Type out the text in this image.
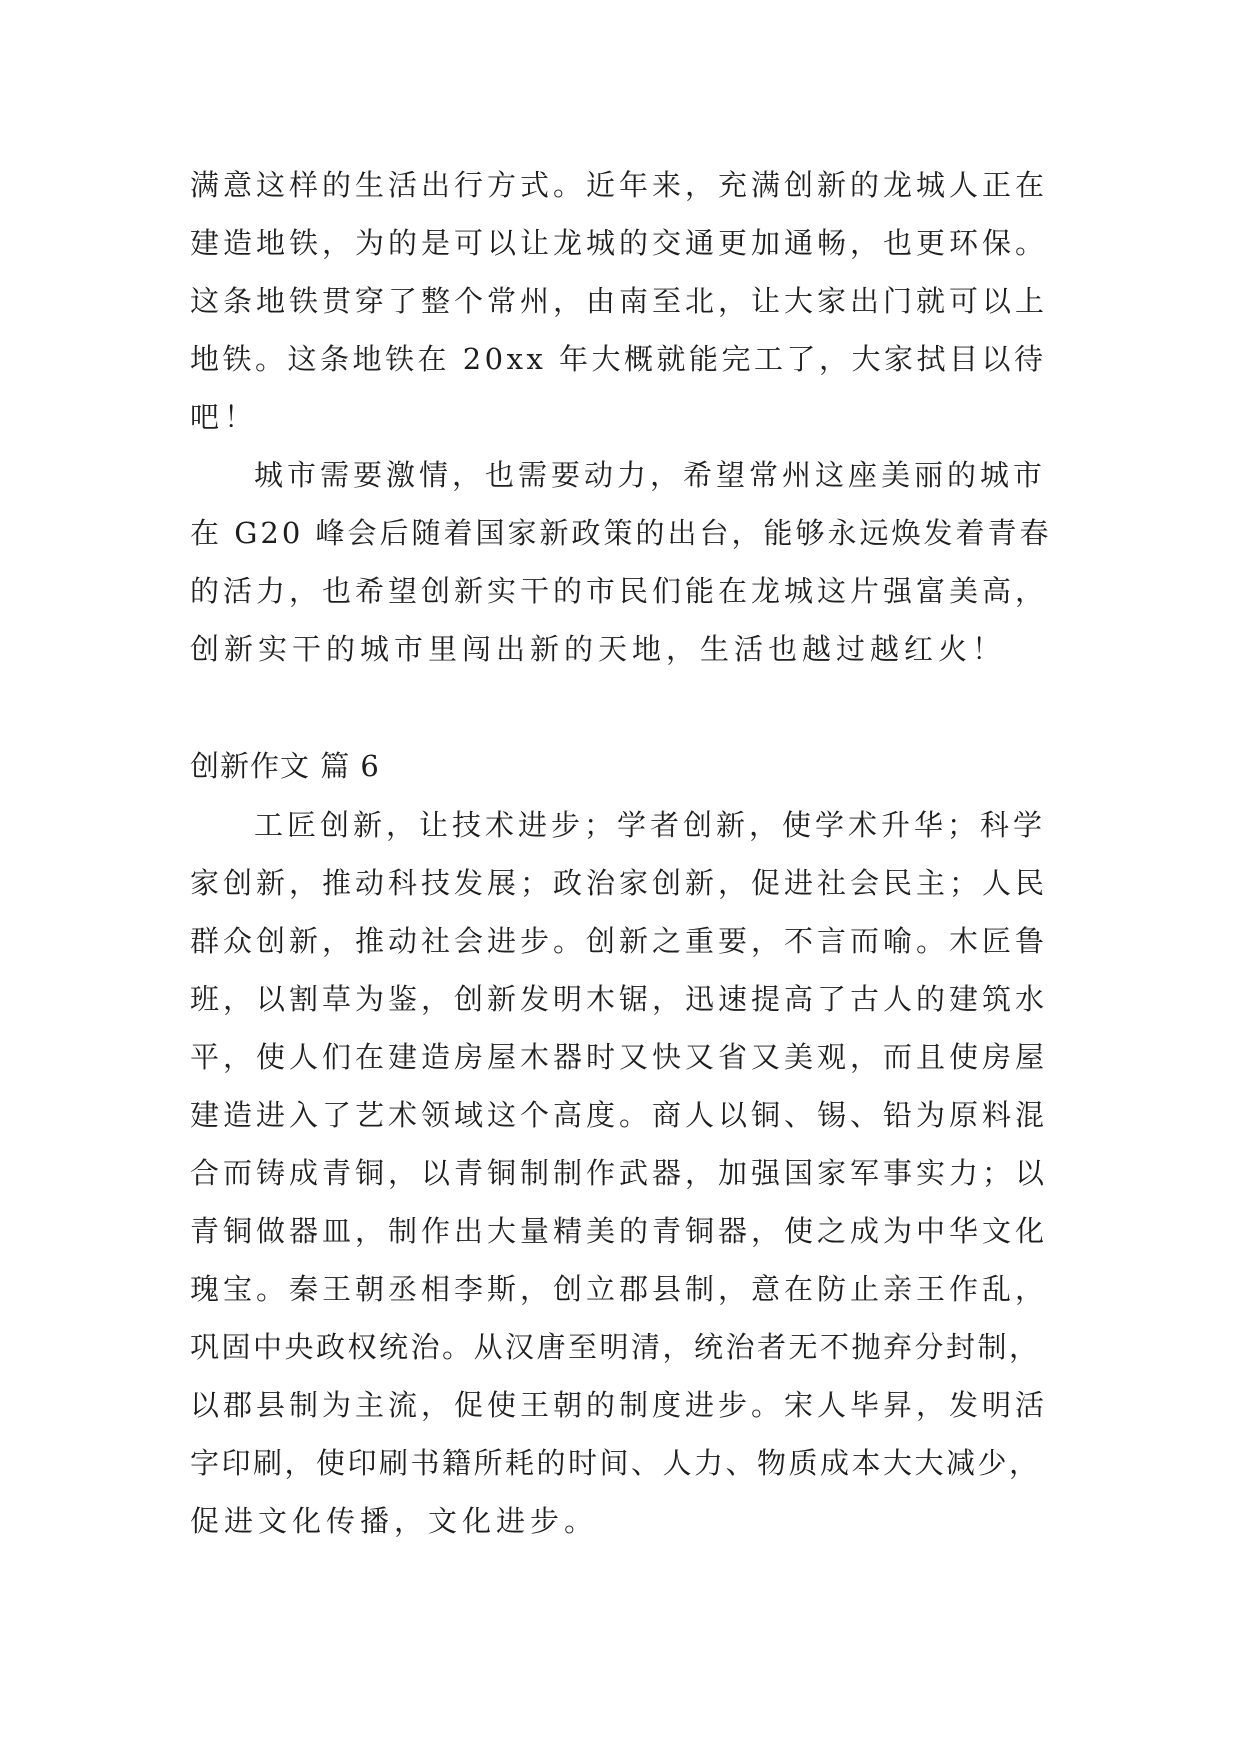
满意这样的生活出行方式。近年来，充满创新的龙城人正在
建造地铁，为的是可以让龙城的交通更加通畅，也更环保。
这条地铁贯穿了整个常州，由南至北，让大家出门就可以上
地铁。这条地铁在 20xx 年大概就能完工了，大家拭目以待
吧！
城市需要激情，也需要动力，希望常州这座美丽的城市
在 G20 峰会后随着国家新政策的出台，能够永远焕发着青春
的活力，也希望创新实干的市民们能在龙城这片强富美高，
创新实干的城市里闯出新的天地，生活也越过越红火！
创新作文 篇 6
工匠创新，让技术进步；学者创新，使学术升华；科学
家创新，推动科技发展；政治家创新，促进社会民主；人民
群众创新，推动社会进步。创新之重要，不言而喻。木匠鲁
班，以割草为鉴，创新发明木锯，迅速提高了古人的建筑水
平，使人们在建造房屋木器时又快又省又美观，而且使房屋
建造进入了艺术领域这个高度。商人以铜、锡、铅为原料混
合而铸成青铜，以青铜制制作武器，加强国家军事实力；以
青铜做器皿，制作出大量精美的青铜器，使之成为中华文化
瑰宝。秦王朝丞相李斯，创立郡县制，意在防止亲王作乱，
巩固中央政权统治。从汉唐至明清，统治者无不抛弃分封制，
以郡县制为主流，促使王朝的制度进步。宋人毕昇，发明活
字印刷，使印刷书籍所耗的时间、人力、物质成本大大减少，
促进文化传播，文化进步。
